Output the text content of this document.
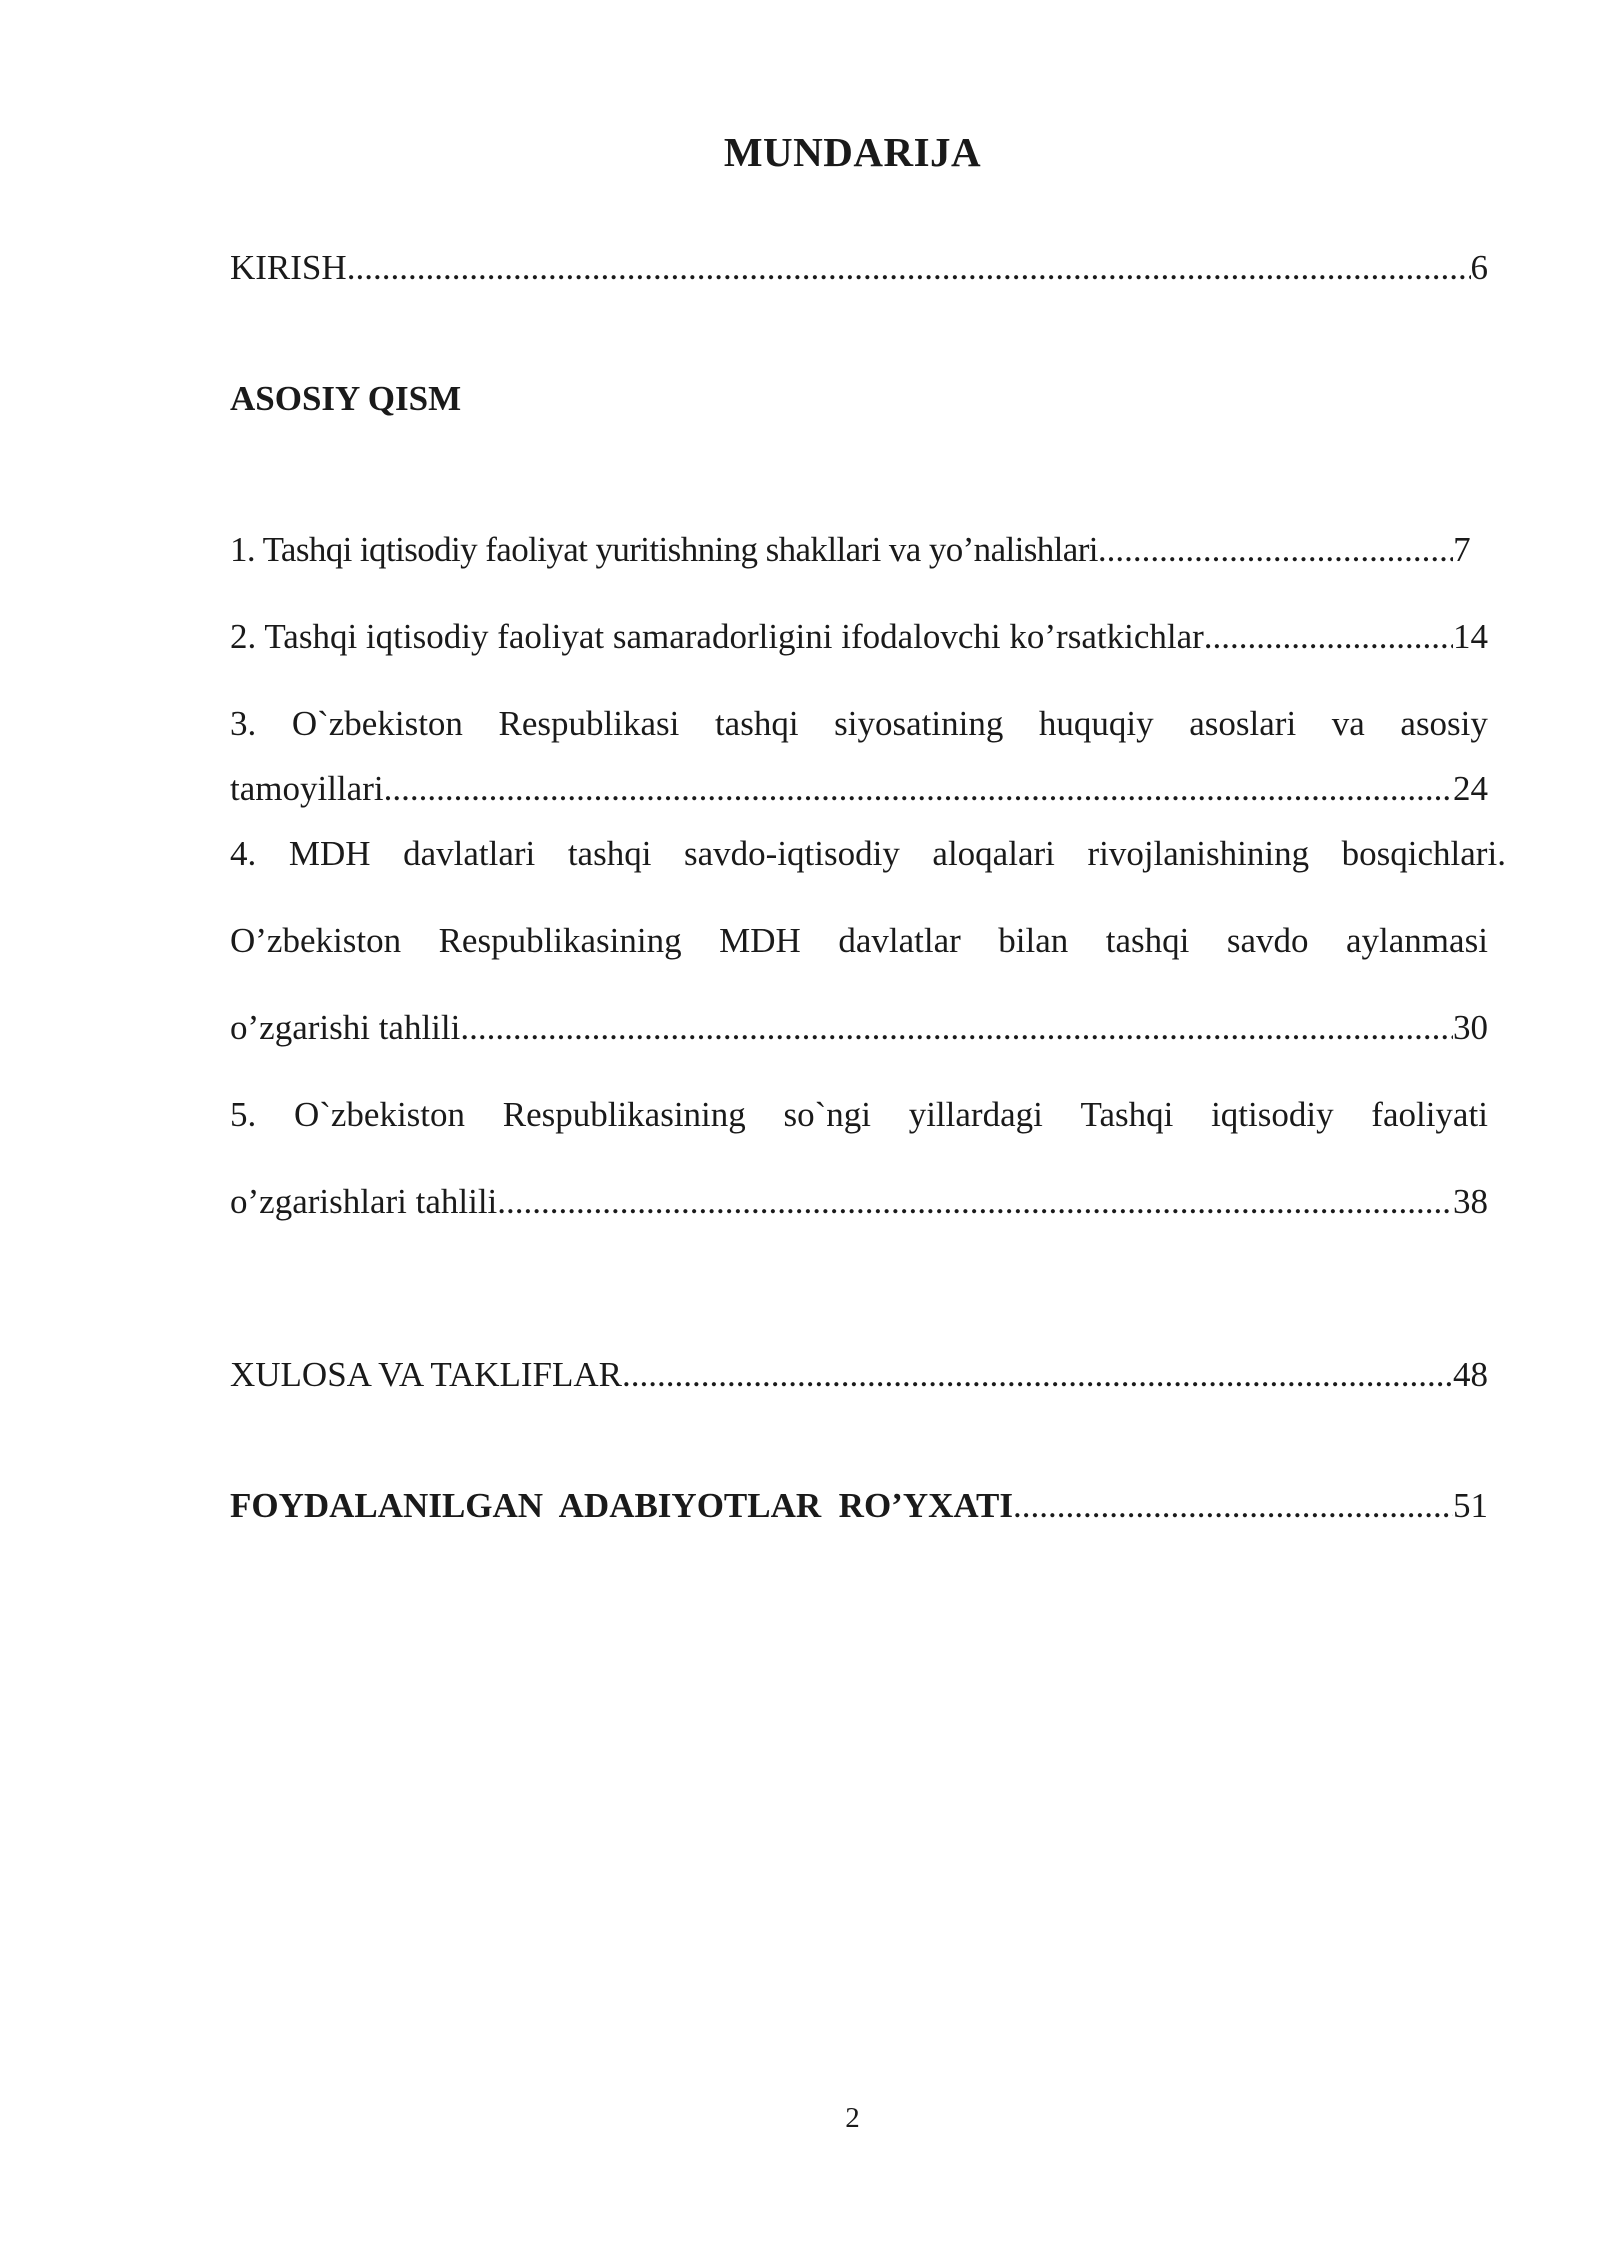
MUNDARIJA
KIRISH .....	6
ASOSIY QISM
1. Tashqi iqtisodiy faoliyat yuritishning shakllari va yo’nalishlari .....	7
2. Tashqi iqtisodiy faoliyat samaradorligini ifodalovchi ko’rsatkichlar .....	14
3. O`zbekiston Respublikasi tashqi siyosatining huquqiy asoslari va asosiy
tamoyillari .....	24
4. MDH davlatlari tashqi savdo-iqtisodiy aloqalari rivojlanishining bosqichlari.
O’zbekiston Respublikasining MDH davlatlar bilan tashqi savdo aylanmasi
o’zgarishi tahlili .....	30
5. O`zbekiston Respublikasining so`ngi yillardagi Tashqi iqtisodiy faoliyati
o’zgarishlari tahlili .....	38
XULOSA VA TAKLIFLAR .....	48
FOYDALANILGAN  ADABIYOTLAR  RO’YXATI .....	51
2
